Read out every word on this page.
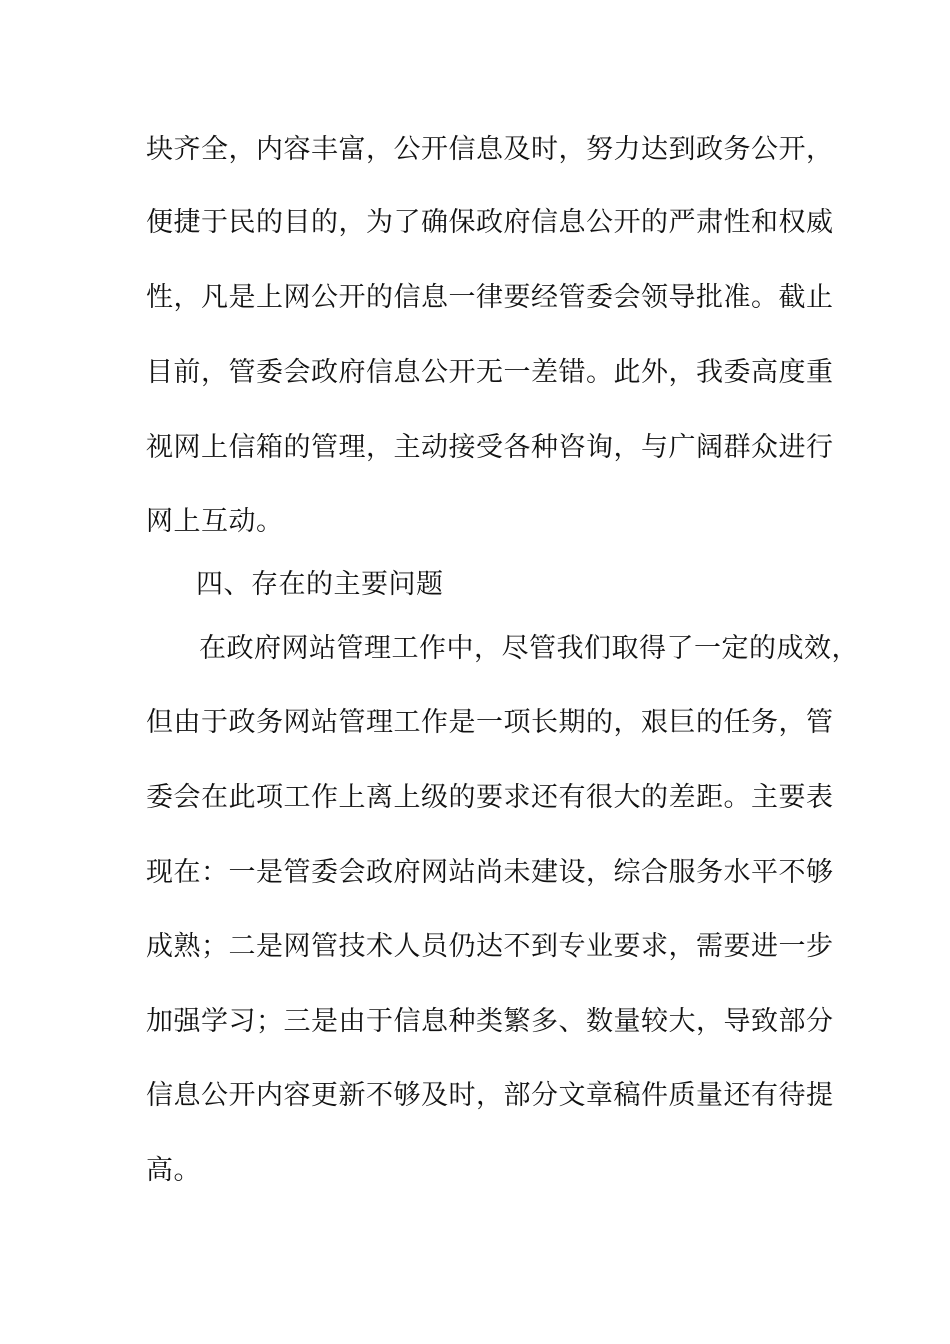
块齐全，内容丰富，公开信息及时，努力达到政务公开，
便捷于民的目的，为了确保政府信息公开的严肃性和权威
性，凡是上网公开的信息一律要经管委会领导批准。截止
目前，管委会政府信息公开无一差错。此外，我委高度重
视网上信箱的管理，主动接受各种咨询，与广阔群众进行
网上互动。
四、存在的主要问题
在政府网站管理工作中，尽管我们取得了一定的成效，
但由于政务网站管理工作是一项长期的，艰巨的任务，管
委会在此项工作上离上级的要求还有很大的差距。主要表
现在：一是管委会政府网站尚未建设，综合服务水平不够
成熟；二是网管技术人员仍达不到专业要求，需要进一步
加强学习；三是由于信息种类繁多、数量较大，导致部分
信息公开内容更新不够及时，部分文章稿件质量还有待提
高。
